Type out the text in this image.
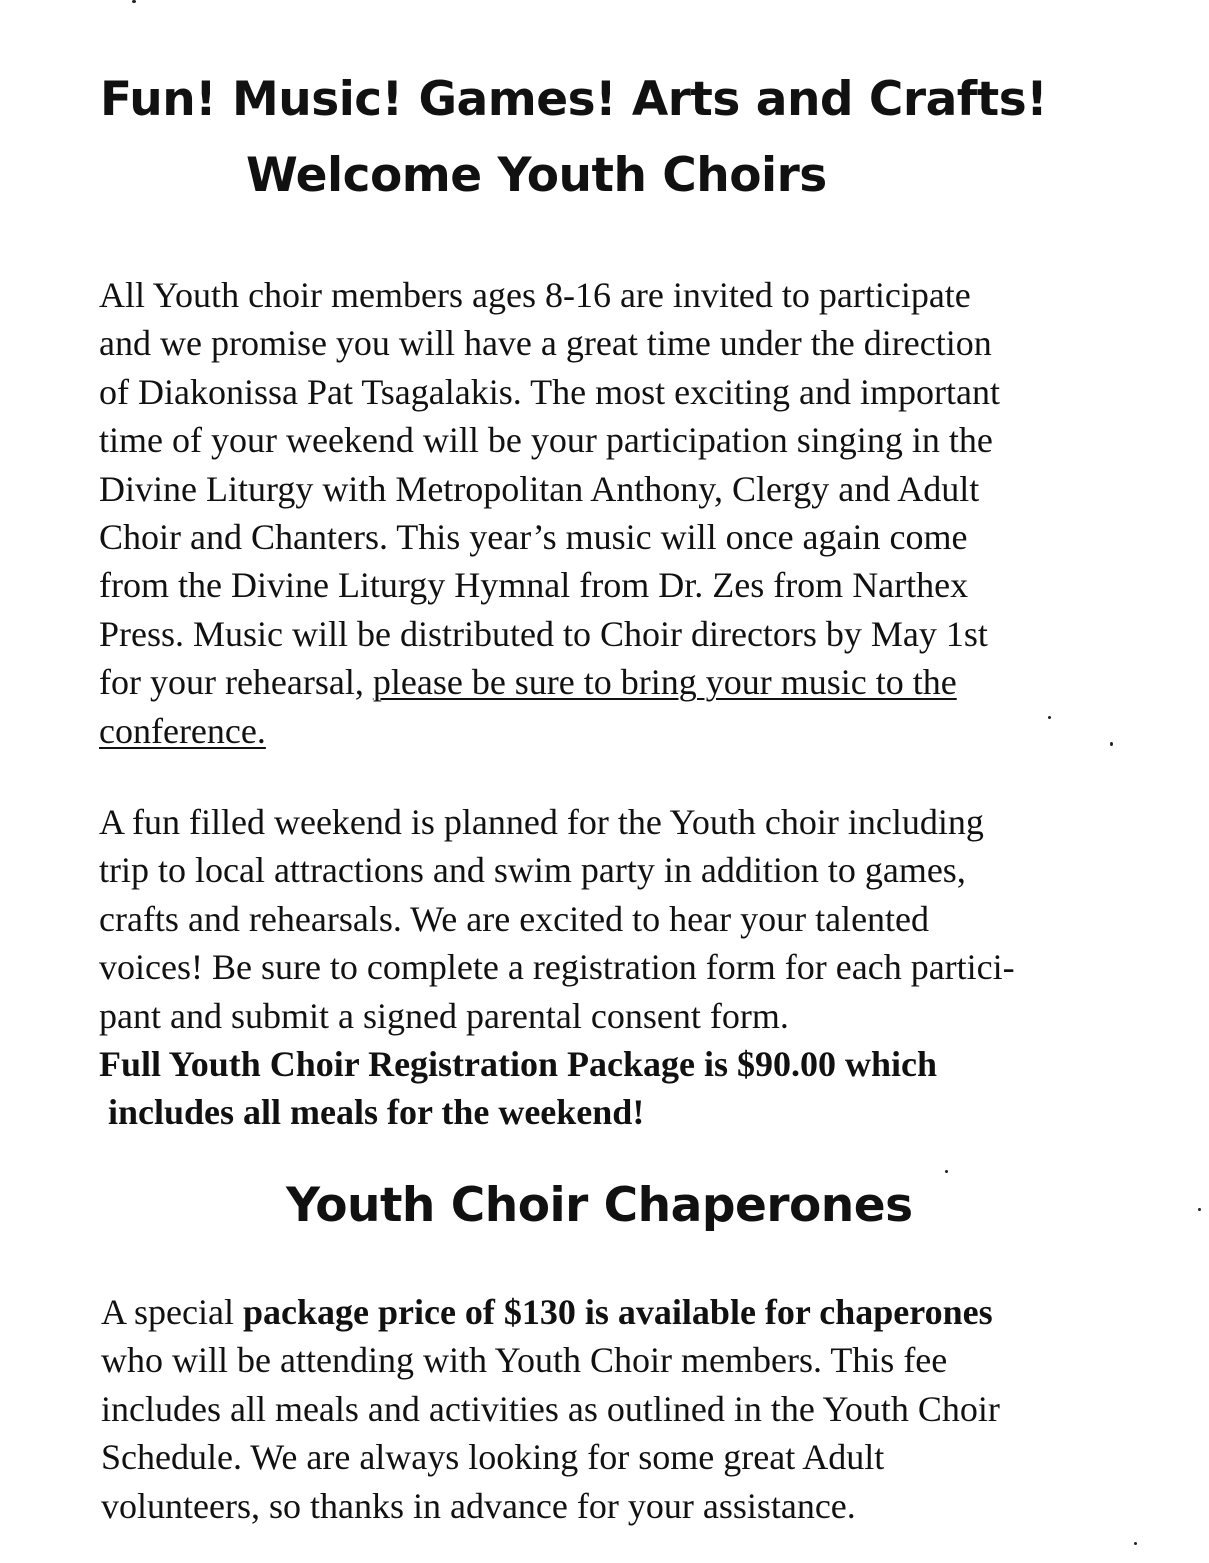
Fun! Music! Games! Arts and Crafts!
Welcome Youth Choirs
All Youth choir members ages 8-16 are invited to participate
and we promise you will have a great time under the direction
of Diakonissa Pat Tsagalakis. The most exciting and important
time of your weekend will be your participation singing in the
Divine Liturgy with Metropolitan Anthony, Clergy and Adult
Choir and Chanters. This year’s music will once again come
from the Divine Liturgy Hymnal from Dr. Zes from Narthex
Press. Music will be distributed to Choir directors by May 1st
for your rehearsal, please be sure to bring your music to the
conference.
A fun filled weekend is planned for the Youth choir including
trip to local attractions and swim party in addition to games,
crafts and rehearsals. We are excited to hear your talented
voices! Be sure to complete a registration form for each partici-
pant and submit a signed parental consent form.
Full Youth Choir Registration Package is $90.00 which
includes all meals for the weekend!
Youth Choir Chaperones
A special package price of $130 is available for chaperones
who will be attending with Youth Choir members. This fee
includes all meals and activities as outlined in the Youth Choir
Schedule. We are always looking for some great Adult
volunteers, so thanks in advance for your assistance.
